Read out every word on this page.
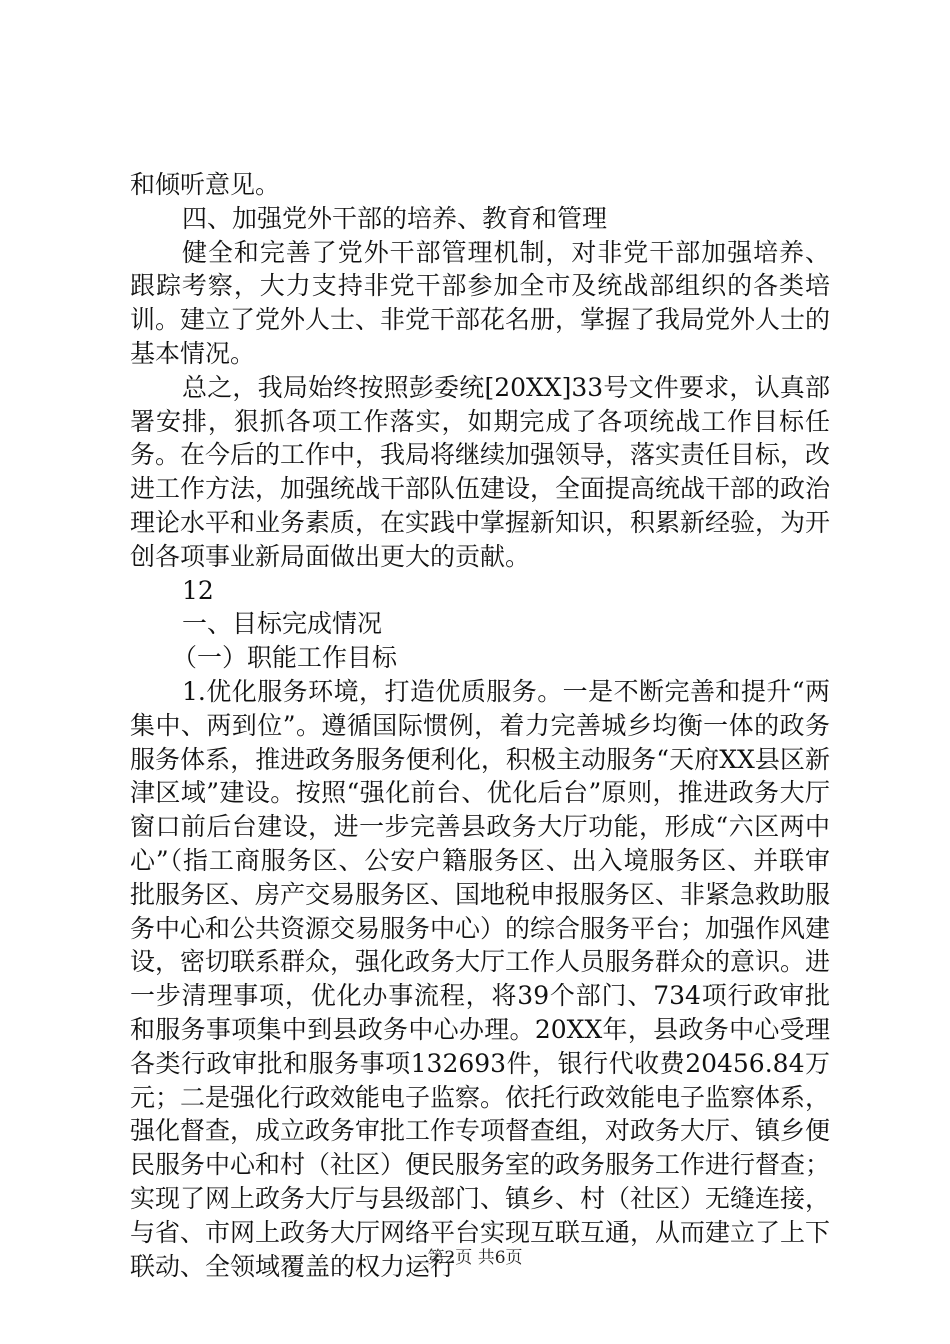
和倾听意见。

四、加强党外干部的培养、教育和管理

健全和完善了党外干部管理机制，对非党干部加强培养、跟踪考察，大力支持非党干部参加全市及统战部组织的各类培训。建立了党外人士、非党干部花名册，掌握了我局党外人士的基本情况。

总之，我局始终按照彭委统[20XX]33号文件要求，认真部署安排，狠抓各项工作落实，如期完成了各项统战工作目标任务。在今后的工作中，我局将继续加强领导，落实责任目标，改进工作方法，加强统战干部队伍建设，全面提高统战干部的政治理论水平和业务素质，在实践中掌握新知识，积累新经验，为开创各项事业新局面做出更大的贡献。

12

一、目标完成情况

（一）职能工作目标

1.优化服务环境，打造优质服务。一是不断完善和提升“两集中、两到位”。遵循国际惯例，着力完善城乡均衡一体的政务服务体系，推进政务服务便利化，积极主动服务“天府XX县区新津区域”建设。按照“强化前台、优化后台”原则，推进政务大厅窗口前后台建设，进一步完善县政务大厅功能，形成“六区两中心”（指工商服务区、公安户籍服务区、出入境服务区、并联审批服务区、房产交易服务区、国地税申报服务区、非紧急救助服务中心和公共资源交易服务中心）的综合服务平台；加强作风建设，密切联系群众，强化政务大厅工作人员服务群众的意识。进一步清理事项，优化办事流程，将39个部门、734项行政审批和服务事项集中到县政务中心办理。20XX年，县政务中心受理各类行政审批和服务事项132693件，银行代收费20456.84万元；二是强化行政效能电子监察。依托行政效能电子监察体系，强化督查，成立政务审批工作专项督查组，对政务大厅、镇乡便民服务中心和村（社区）便民服务室的政务服务工作进行督查；实现了网上政务大厅与县级部门、镇乡、村（社区）无缝连接，与省、市网上政务大厅网络平台实现互联互通，从而建立了上下联动、全领域覆盖的权力运行

第2页 共6页
